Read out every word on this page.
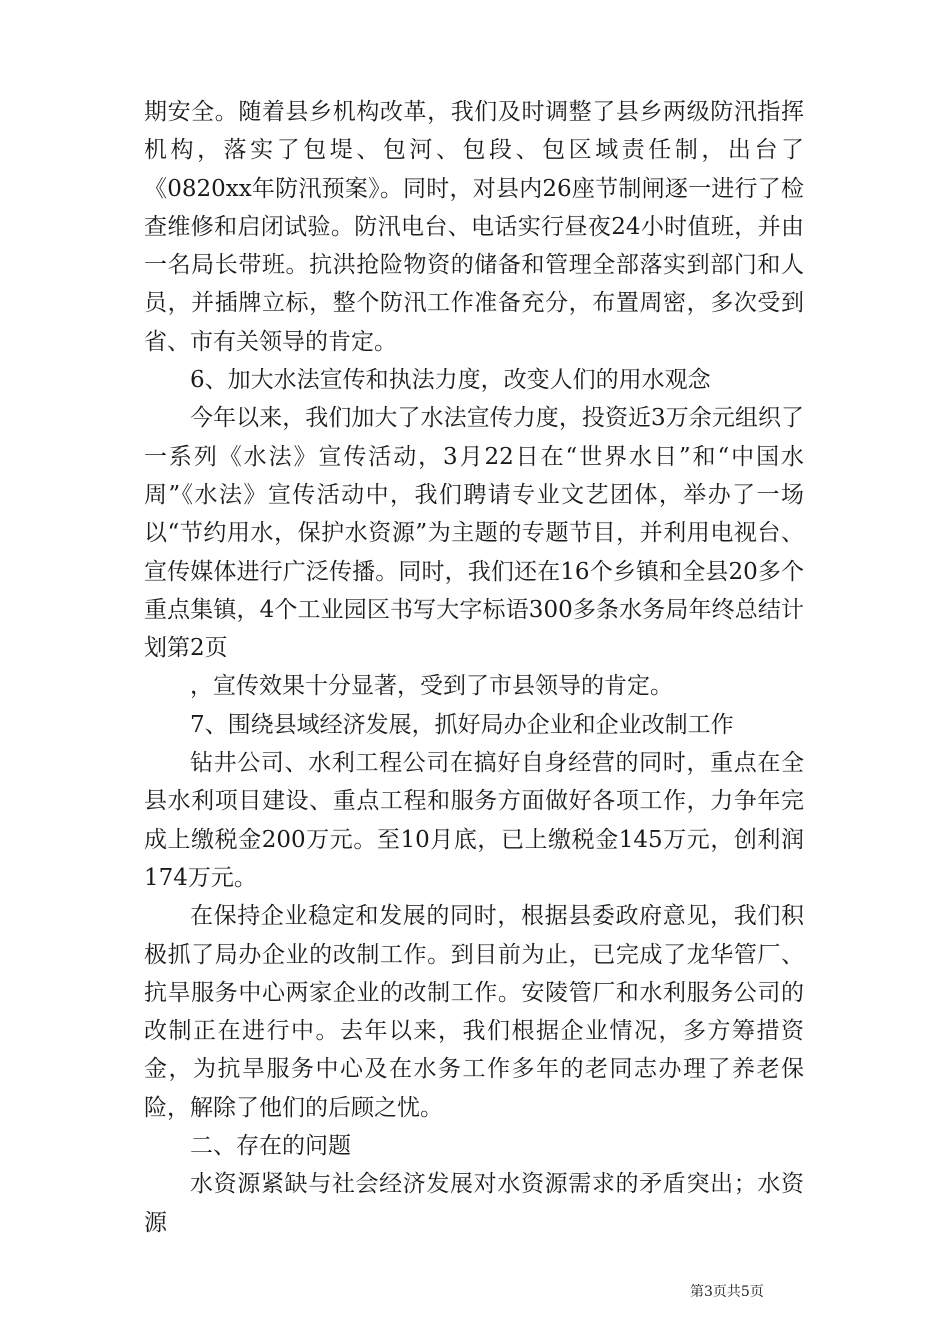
期安全。随着县乡机构改革，我们及时调整了县乡两级防汛指挥机构，落实了包堤、包河、包段、包区域责任制，出台了《0820xx年防汛预案》。同时，对县内26座节制闸逐一进行了检查维修和启闭试验。防汛电台、电话实行昼夜24小时值班，并由一名局长带班。抗洪抢险物资的储备和管理全部落实到部门和人员，并插牌立标，整个防汛工作准备充分，布置周密，多次受到省、市有关领导的肯定。

6、加大水法宣传和执法力度，改变人们的用水观念

今年以来，我们加大了水法宣传力度，投资近3万余元组织了一系列《水法》宣传活动，3月22日在“世界水日”和“中国水周”《水法》宣传活动中，我们聘请专业文艺团体，举办了一场以“节约用水，保护水资源”为主题的专题节目，并利用电视台、宣传媒体进行广泛传播。同时，我们还在16个乡镇和全县20多个重点集镇，4个工业园区书写大字标语300多条水务局年终总结计划第2页

，宣传效果十分显著，受到了市县领导的肯定。

7、围绕县域经济发展，抓好局办企业和企业改制工作

钻井公司、水利工程公司在搞好自身经营的同时，重点在全县水利项目建设、重点工程和服务方面做好各项工作，力争年完成上缴税金200万元。至10月底，已上缴税金145万元，创利润174万元。

在保持企业稳定和发展的同时，根据县委政府意见，我们积极抓了局办企业的改制工作。到目前为止，已完成了龙华管厂、抗旱服务中心两家企业的改制工作。安陵管厂和水利服务公司的改制正在进行中。去年以来，我们根据企业情况，多方筹措资金，为抗旱服务中心及在水务工作多年的老同志办理了养老保险，解除了他们的后顾之忧。

二、存在的问题

水资源紧缺与社会经济发展对水资源需求的矛盾突出；水资源

第3页共5页
